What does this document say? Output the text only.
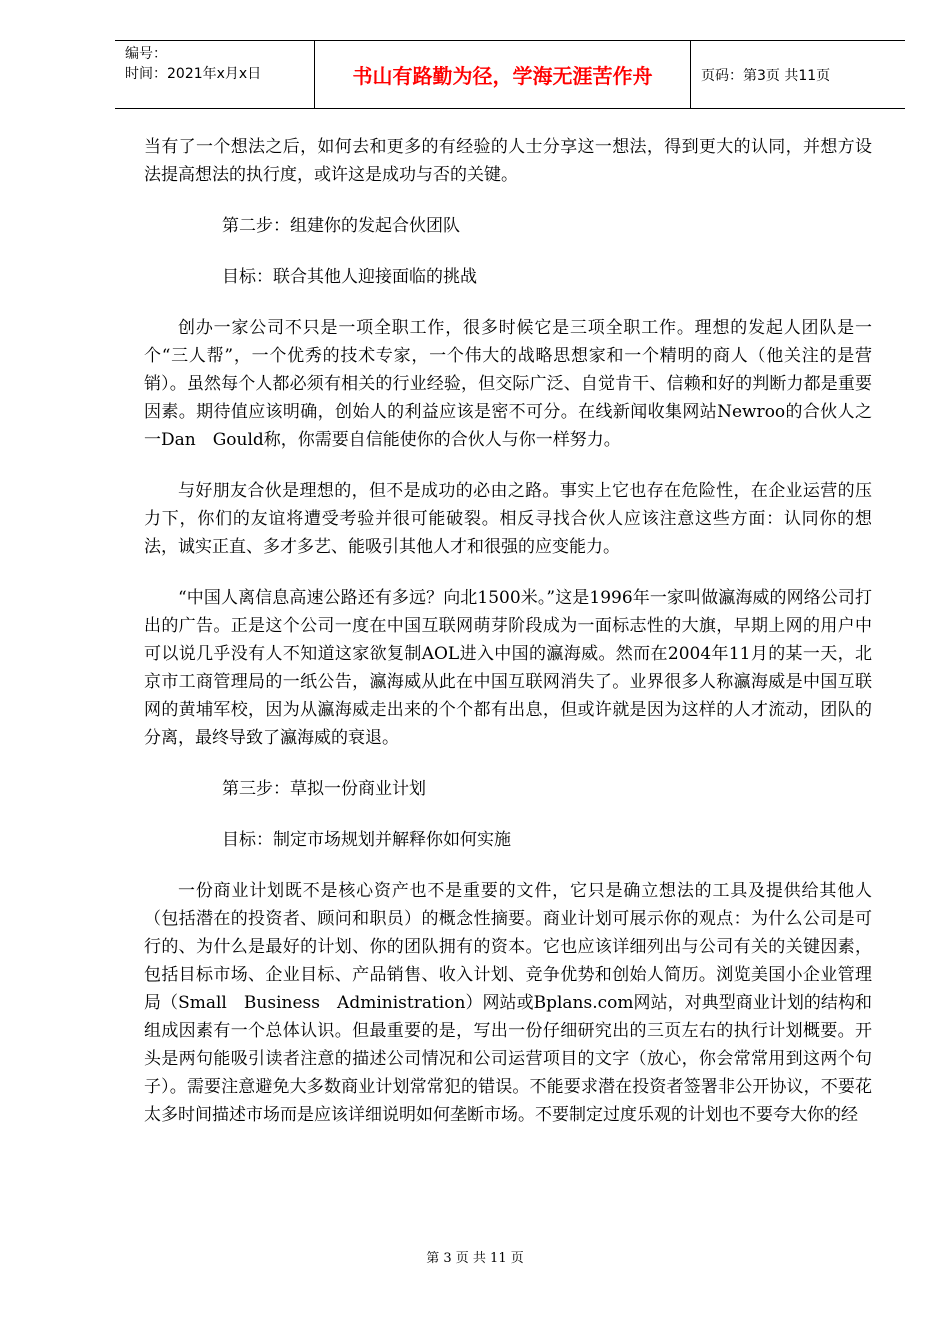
编号：
时间：2021年x月x日	书山有路勤为径，学海无涯苦作舟	页码：第3页 共11页

当有了一个想法之后，如何去和更多的有经验的人士分享这一想法，得到更大的认同，并想方设法提高想法的执行度，或许这是成功与否的关键。

第二步：组建你的发起合伙团队

目标：联合其他人迎接面临的挑战

创办一家公司不只是一项全职工作，很多时候它是三项全职工作。理想的发起人团队是一个“三人帮”，一个优秀的技术专家，一个伟大的战略思想家和一个精明的商人（他关注的是营销）。虽然每个人都必须有相关的行业经验，但交际广泛、自觉肯干、信赖和好的判断力都是重要因素。期待值应该明确，创始人的利益应该是密不可分。在线新闻收集网站Newroo的合伙人之一Dan　Gould称，你需要自信能使你的合伙人与你一样努力。

与好朋友合伙是理想的，但不是成功的必由之路。事实上它也存在危险性，在企业运营的压力下，你们的友谊将遭受考验并很可能破裂。相反寻找合伙人应该注意这些方面：认同你的想法，诚实正直、多才多艺、能吸引其他人才和很强的应变能力。

“中国人离信息高速公路还有多远？向北1500米。”这是1996年一家叫做瀛海威的网络公司打出的广告。正是这个公司一度在中国互联网萌芽阶段成为一面标志性的大旗，早期上网的用户中可以说几乎没有人不知道这家欲复制AOL进入中国的瀛海威。然而在2004年11月的某一天，北京市工商管理局的一纸公告，瀛海威从此在中国互联网消失了。业界很多人称瀛海威是中国互联网的黄埔军校，因为从瀛海威走出来的个个都有出息，但或许就是因为这样的人才流动，团队的分离，最终导致了瀛海威的衰退。

第三步：草拟一份商业计划

目标：制定市场规划并解释你如何实施

一份商业计划既不是核心资产也不是重要的文件，它只是确立想法的工具及提供给其他人（包括潜在的投资者、顾问和职员）的概念性摘要。商业计划可展示你的观点：为什么公司是可行的、为什么是最好的计划、你的团队拥有的资本。它也应该详细列出与公司有关的关键因素，包括目标市场、企业目标、产品销售、收入计划、竞争优势和创始人简历。浏览美国小企业管理局（Small　Business　Administration）网站或Bplans.com网站，对典型商业计划的结构和组成因素有一个总体认识。但最重要的是，写出一份仔细研究出的三页左右的执行计划概要。开头是两句能吸引读者注意的描述公司情况和公司运营项目的文字（放心，你会常常用到这两个句子）。需要注意避免大多数商业计划常常犯的错误。不能要求潜在投资者签署非公开协议，不要花太多时间描述市场而是应该详细说明如何垄断市场。不要制定过度乐观的计划也不要夸大你的经

第 3 页 共 11 页
